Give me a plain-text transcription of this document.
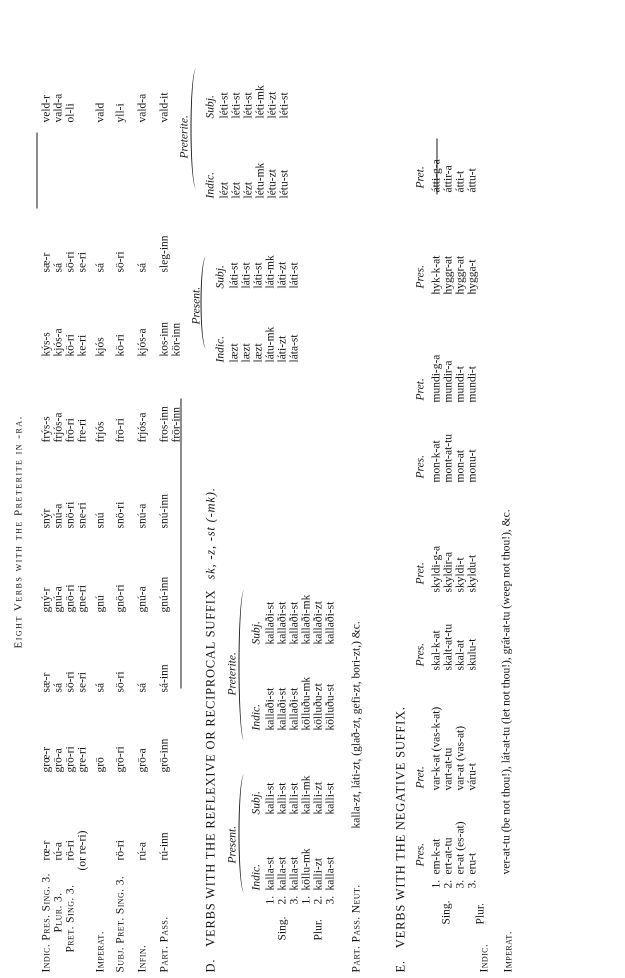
Eight Verbs with the Preterite in -ra.
Indic. Pres. Sing. 3. Plur. 3. Pret. Sing. 3. Imperat. Subj. Pret. Sing. 3. Infin. Part. Pass.
rœ-r rú-a rö-ri (or re-ri) rö-ri rú-a rú-inn
grœ-r grö-a grö-ri gre-ri grö grö-ri grö-a grö-inn
sæ-r sá sö-ri se-ri sá sö-ri sá sá-inn
gný-r gnú-a gnö-ri gne-ri gnú gnö-ri gnú-a gnú-inn
snýr snú-a snö-ri sne-ri snú snö-ri snú-a snú-inn
frýs-s frjós-a frö-ri fre-ri frjós frö-ri frjós-a fros-inn frör-inn
kýs-s kjós-a kö-ri ke-ri kjós kö-ri kjós-a kos-inn kör-inn
sæ-r sá sö-ri se-ri sá sö-ri sá sleg-inn
veld-r vald-a ol-li vald yll-i vald-a vald-it
Present.
Indic.
Subj.
læzt læzt læzt látu-mk láti-zt láta-st
láti-st láti-st láti-st láti-mk láti-zt láti-st
Preterite.
Indic.
Subj.
lézt lézt lézt létu-mk létu-zt létu-st
léti-st léti-st léti-st léti-mk léti-zt léti-st
D. VERBS WITH THE REFLEXIVE OR RECIPROCAL SUFFIX sk, -z, -st (-mk).
Present.
Preterite.
Indic.
Subj.
Indic.
Subj.
Sing. Plur.
1. 2. 3. 1. 2. 3.
kalla-st kalla-st kalla-st köllu-mk kalli-zt kalla-st
kalli-st kalli-st kalli-st kalli-mk kalli-zt kalli-st
kallaði-st kallaði-st kallaði-st kölluðu-mk kölluðu-zt kölluðu-st
kallaði-st kallaði-st kallaði-st kallaði-mk kallaði-zt kallaði-st
Part. Pass. Neut.
kalla-zt, láti-zt, (glað-zt, gefi-zt, bori-zt,) &c.
E. VERBS WITH THE NEGATIVE SUFFIX. Pres.
Pret.
Pres.
Pret.
Pres.
Pret.
Pres.
Pret.
Indic.
Sing. Plur.
1. 2. 3. 3.
em-k-at ert-at-tu er-at (es-at) eru-t
var-k-at (vas-k-at) vart-at-tu var-at (vas-at) váru-t
skal-k-at skalt-at-tu skal-at skulu-t
skyldi-g-a skyldir-a skyldi-t skyldu-t
mon-k-at mont-at-tu mon-at monu-t
mundi-g-a mundir-a mundi-t mundi-t
hyk-k-at hyggr-at hyggr-at hygga-t
átti-g-a áttir-a átti-t áttu-t
Imperat.
ver-at-tu (be not thou!), lát-at-tu (let not thou!), grát-at-tu (weep not thou!), &c.
